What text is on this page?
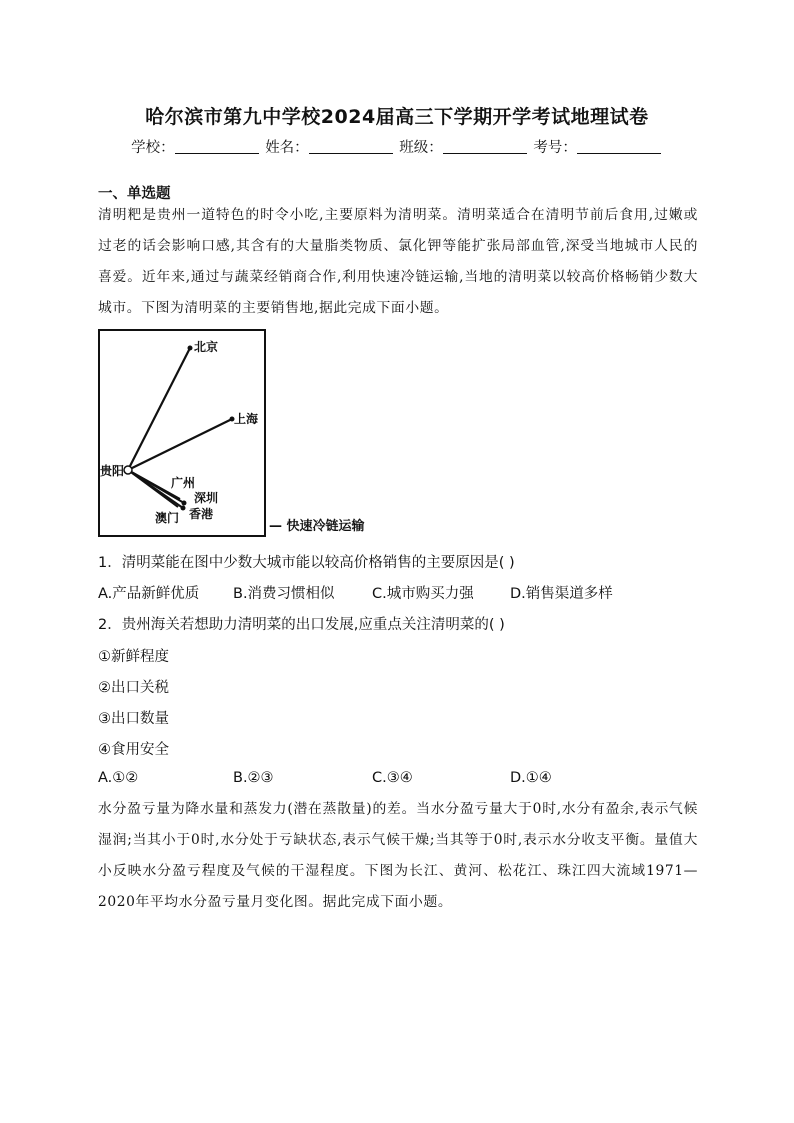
哈尔滨市第九中学校2024届高三下学期开学考试地理试卷
学校：	姓名：	班级：	考号：
一、单选题
清明粑是贵州一道特色的时令小吃,主要原料为清明菜。清明菜适合在清明节前后食用,过嫩或过老的话会影响口感,其含有的大量脂类物质、氯化钾等能扩张局部血管,深受当地城市人民的喜爱。近年来,通过与蔬菜经销商合作,利用快速冷链运输,当地的清明菜以较高价格畅销少数大城市。下图为清明菜的主要销售地,据此完成下面小题。
北京
上海
贵阳
广州
深圳
澳门 香港
— 快速冷链运输
1．清明菜能在图中少数大城市能以较高价格销售的主要原因是( )
A.产品新鲜优质 B.消费习惯相似	C.城市购买力强	D.销售渠道多样
2．贵州海关若想助力清明菜的出口发展,应重点关注清明菜的( )
①新鲜程度
②出口关税
③出口数量
④食用安全
A.①②	B.②③	C.③④	D.①④
水分盈亏量为降水量和蒸发力(潜在蒸散量)的差。当水分盈亏量大于0时,水分有盈余,表示气候湿润;当其小于0时,水分处于亏缺状态,表示气候干燥;当其等于0时,表示水分收支平衡。量值大小反映水分盈亏程度及气候的干湿程度。下图为长江、黄河、松花江、珠江四大流域1971—2020年平均水分盈亏量月变化图。据此完成下面小题。
